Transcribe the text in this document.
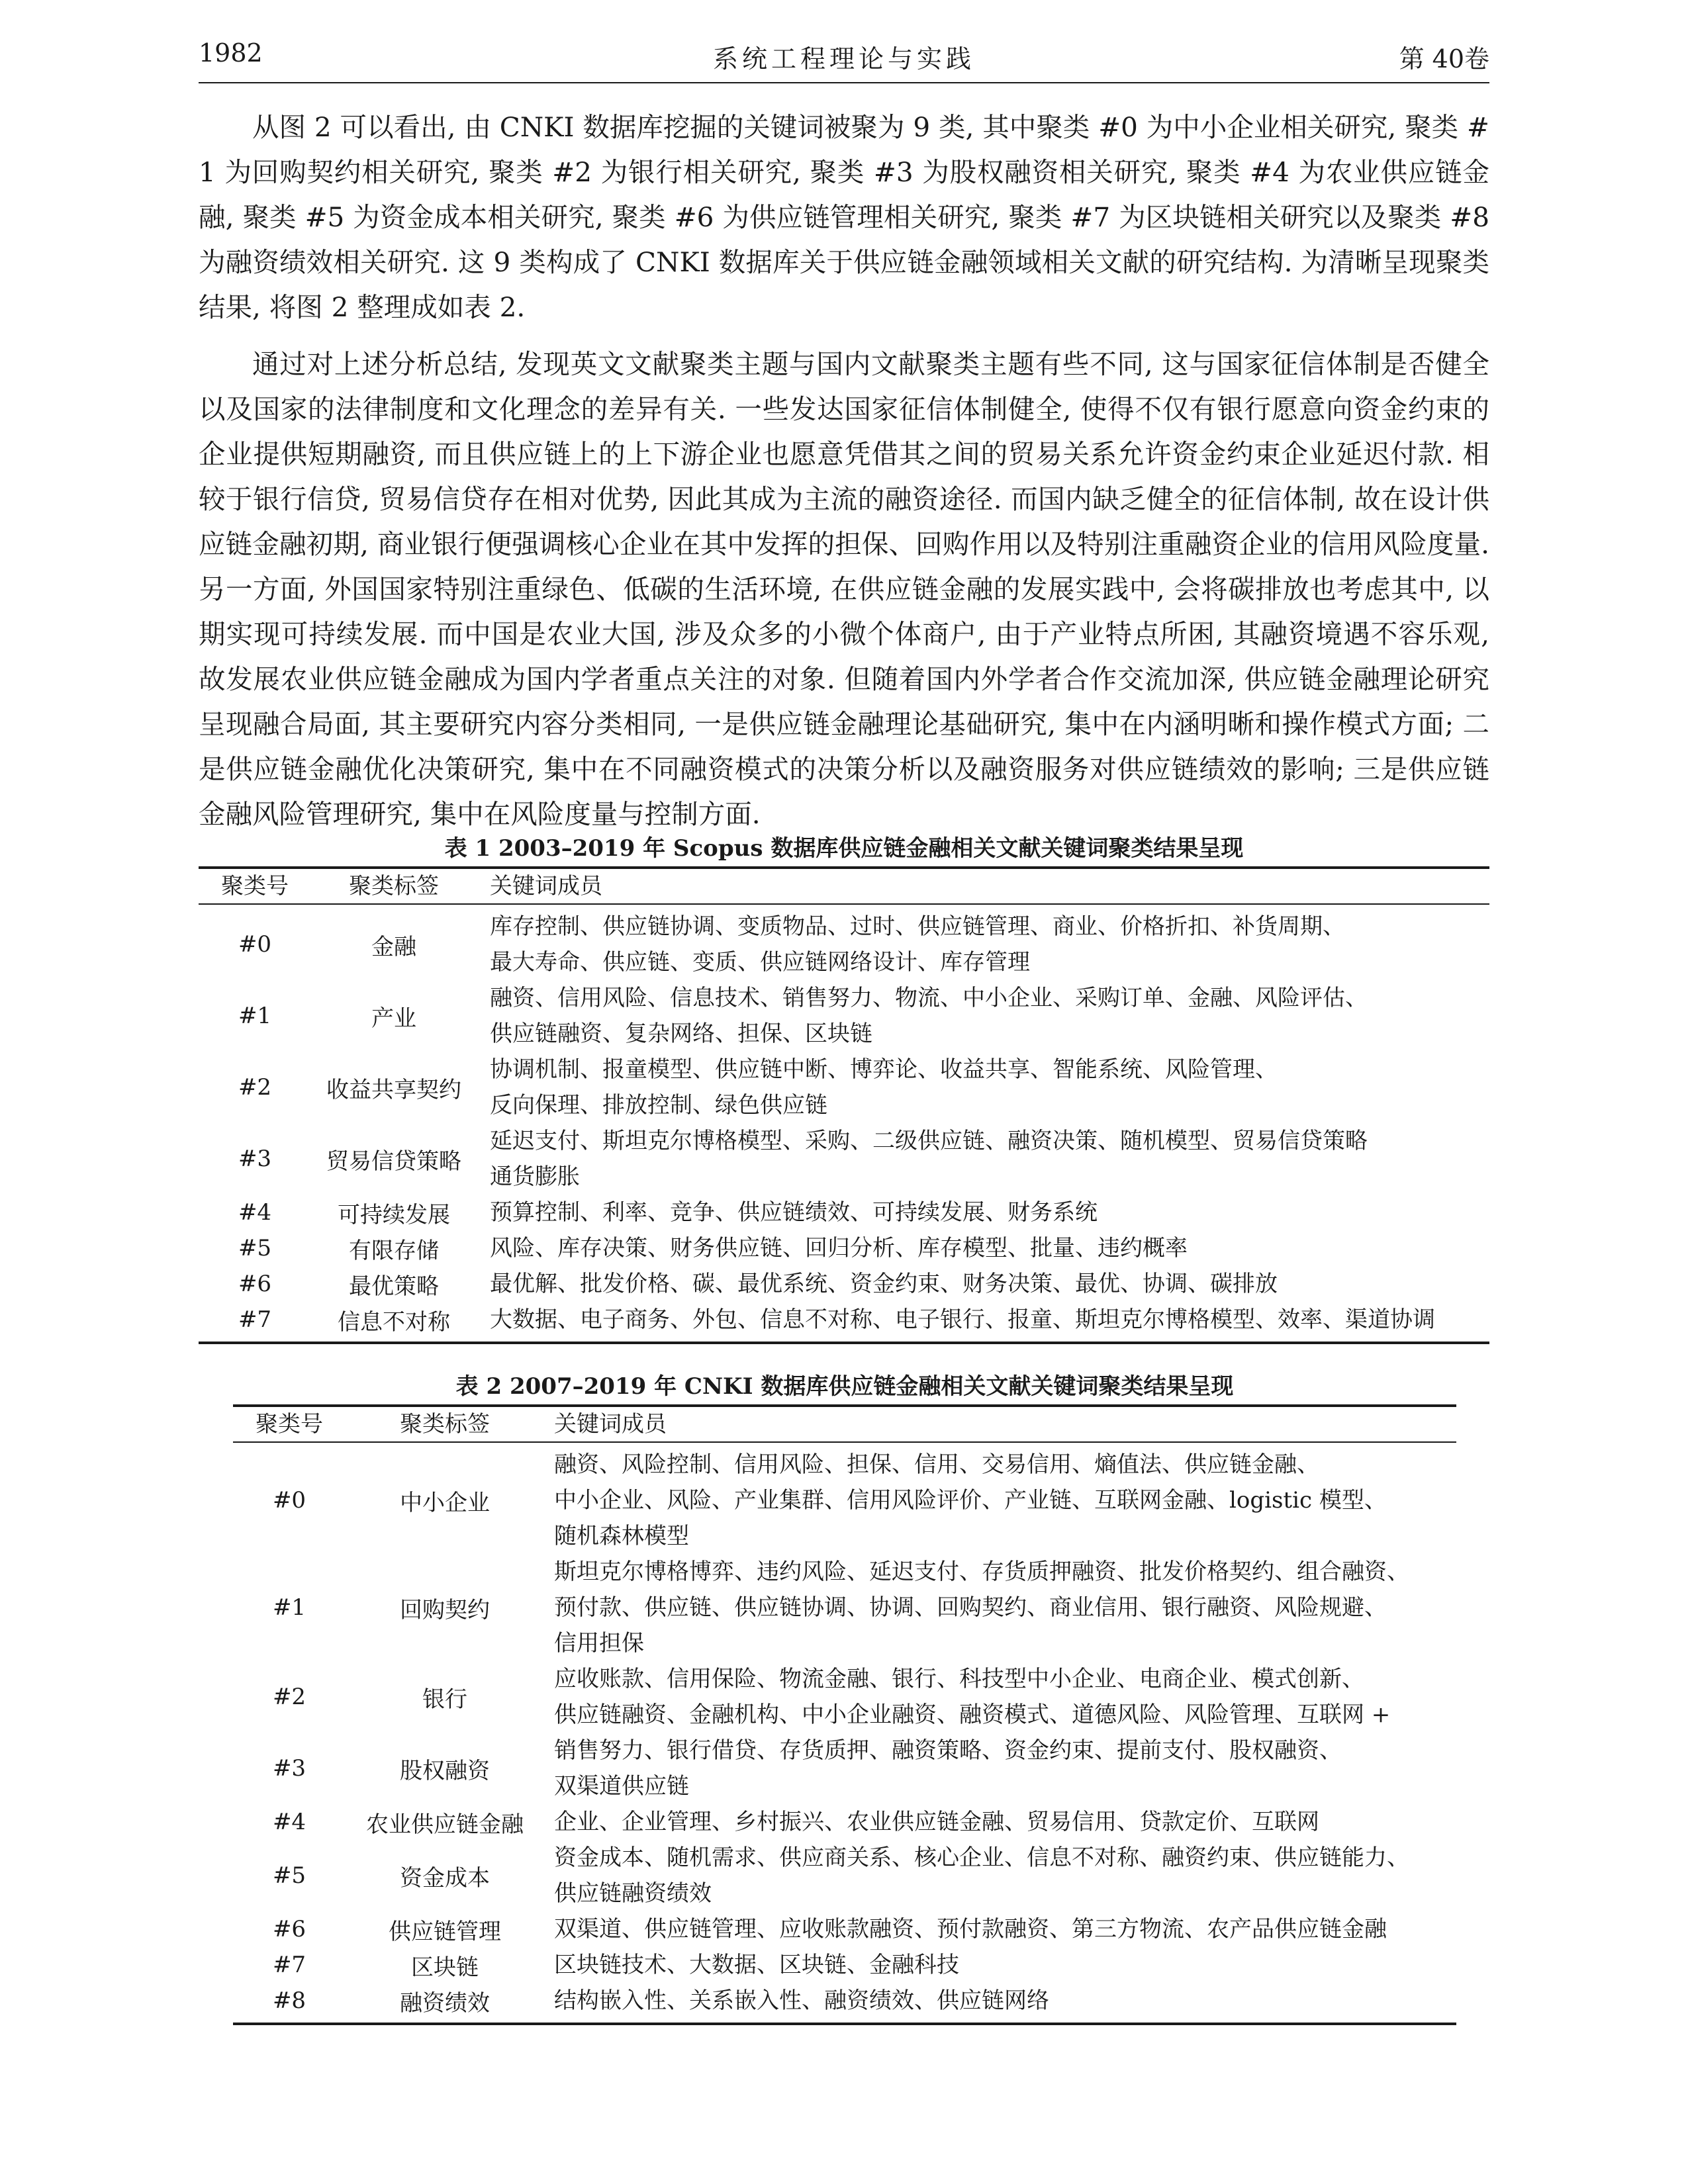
1982	系统工程理论与实践	第 40卷

从图 2 可以看出, 由 CNKI 数据库挖掘的关键词被聚为 9 类, 其中聚类 #0 为中小企业相关研究, 聚类 #1 为回购契约相关研究, 聚类 #2 为银行相关研究, 聚类 #3 为股权融资相关研究, 聚类 #4 为农业供应链金融, 聚类 #5 为资金成本相关研究, 聚类 #6 为供应链管理相关研究, 聚类 #7 为区块链相关研究以及聚类 #8 为融资绩效相关研究. 这 9 类构成了 CNKI 数据库关于供应链金融领域相关文献的研究结构. 为清晰呈现聚类结果, 将图 2 整理成如表 2.

通过对上述分析总结, 发现英文文献聚类主题与国内文献聚类主题有些不同, 这与国家征信体制是否健全以及国家的法律制度和文化理念的差异有关. 一些发达国家征信体制健全, 使得不仅有银行愿意向资金约束的企业提供短期融资, 而且供应链上的上下游企业也愿意凭借其之间的贸易关系允许资金约束企业延迟付款. 相较于银行信贷, 贸易信贷存在相对优势, 因此其成为主流的融资途径. 而国内缺乏健全的征信体制, 故在设计供应链金融初期, 商业银行便强调核心企业在其中发挥的担保、回购作用以及特别注重融资企业的信用风险度量. 另一方面, 外国国家特别注重绿色、低碳的生活环境, 在供应链金融的发展实践中, 会将碳排放也考虑其中, 以期实现可持续发展. 而中国是农业大国, 涉及众多的小微个体商户, 由于产业特点所困, 其融资境遇不容乐观, 故发展农业供应链金融成为国内学者重点关注的对象. 但随着国内外学者合作交流加深, 供应链金融理论研究呈现融合局面, 其主要研究内容分类相同, 一是供应链金融理论基础研究, 集中在内涵明晰和操作模式方面; 二是供应链金融优化决策研究, 集中在不同融资模式的决策分析以及融资服务对供应链绩效的影响; 三是供应链金融风险管理研究, 集中在风险度量与控制方面.

表 1 2003–2019 年 Scopus 数据库供应链金融相关文献关键词聚类结果呈现
聚类号	聚类标签	关键词成员
#0	金融
库存控制、供应链协调、变质物品、过时、供应链管理、商业、价格折扣、补货周期、
最大寿命、供应链、变质、供应链网络设计、库存管理
#1	产业
融资、信用风险、信息技术、销售努力、物流、中小企业、采购订单、金融、风险评估、
供应链融资、复杂网络、担保、区块链
#2	收益共享契约
协调机制、报童模型、供应链中断、博弈论、收益共享、智能系统、风险管理、
反向保理、排放控制、绿色供应链
#3	贸易信贷策略
延迟支付、斯坦克尔博格模型、采购、二级供应链、融资决策、随机模型、贸易信贷策略
通货膨胀
#4	可持续发展	预算控制、利率、竞争、供应链绩效、可持续发展、财务系统
#5	有限存储	风险、库存决策、财务供应链、回归分析、库存模型、批量、违约概率
#6	最优策略	最优解、批发价格、碳、最优系统、资金约束、财务决策、最优、协调、碳排放
#7	信息不对称	大数据、电子商务、外包、信息不对称、电子银行、报童、斯坦克尔博格模型、效率、渠道协调
表 2 2007–2019 年 CNKI 数据库供应链金融相关文献关键词聚类结果呈现
聚类号	聚类标签	关键词成员
#0	中小企业
融资、风险控制、信用风险、担保、信用、交易信用、熵值法、供应链金融、
中小企业、风险、产业集群、信用风险评价、产业链、互联网金融、logistic 模型、
随机森林模型
#1	回购契约
斯坦克尔博格博弈、违约风险、延迟支付、存货质押融资、批发价格契约、组合融资、
预付款、供应链、供应链协调、协调、回购契约、商业信用、银行融资、风险规避、
信用担保
#2	银行
应收账款、信用保险、物流金融、银行、科技型中小企业、电商企业、模式创新、
供应链融资、金融机构、中小企业融资、融资模式、道德风险、风险管理、互联网 +
#3	股权融资
销售努力、银行借贷、存货质押、融资策略、资金约束、提前支付、股权融资、
双渠道供应链
#4	农业供应链金融	企业、企业管理、乡村振兴、农业供应链金融、贸易信用、贷款定价、互联网
#5	资金成本
资金成本、随机需求、供应商关系、核心企业、信息不对称、融资约束、供应链能力、
供应链融资绩效
#6	供应链管理	双渠道、供应链管理、应收账款融资、预付款融资、第三方物流、农产品供应链金融
#7	区块链	区块链技术、大数据、区块链、金融科技
#8	融资绩效	结构嵌入性、关系嵌入性、融资绩效、供应链网络
